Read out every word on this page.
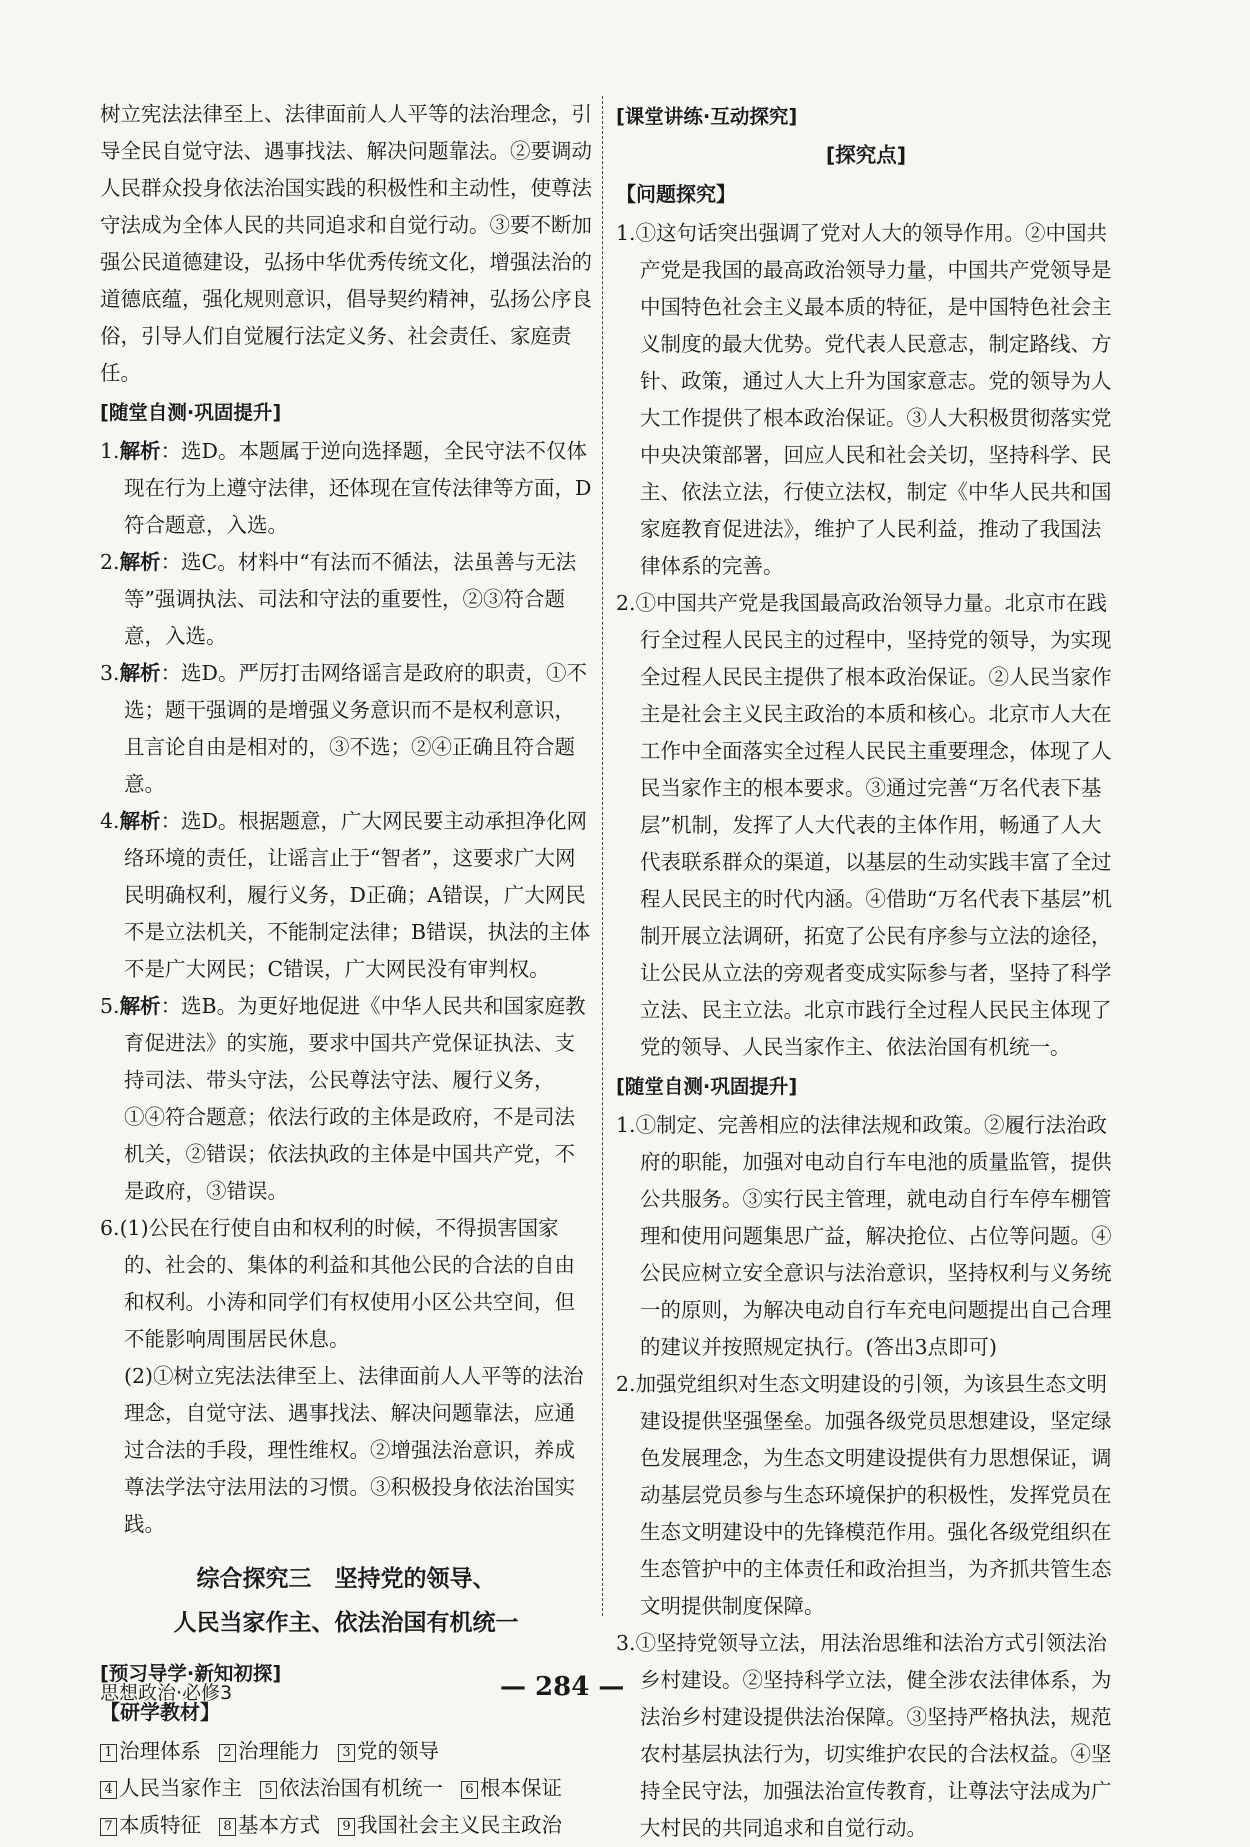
树立宪法法律至上、法律面前人人平等的法治理念，引导全民自觉守法、遇事找法、解决问题靠法。②要调动人民群众投身依法治国实践的积极性和主动性，使尊法守法成为全体人民的共同追求和自觉行动。③要不断加强公民道德建设，弘扬中华优秀传统文化，增强法治的道德底蕴，强化规则意识，倡导契约精神，弘扬公序良俗，引导人们自觉履行法定义务、社会责任、家庭责任。

[随堂自测·巩固提升]

1.解析：选D。本题属于逆向选择题，全民守法不仅体现在行为上遵守法律，还体现在宣传法律等方面，D符合题意，入选。

2.解析：选C。材料中“有法而不循法，法虽善与无法等”强调执法、司法和守法的重要性，②③符合题意，入选。

3.解析：选D。严厉打击网络谣言是政府的职责，①不选；题干强调的是增强义务意识而不是权利意识，且言论自由是相对的，③不选；②④正确且符合题意。

4.解析：选D。根据题意，广大网民要主动承担净化网络环境的责任，让谣言止于“智者”，这要求广大网民明确权利，履行义务，D正确；A错误，广大网民不是立法机关，不能制定法律；B错误，执法的主体不是广大网民；C错误，广大网民没有审判权。

5.解析：选B。为更好地促进《中华人民共和国家庭教育促进法》的实施，要求中国共产党保证执法、支持司法、带头守法，公民尊法守法、履行义务，①④符合题意；依法行政的主体是政府，不是司法机关，②错误；依法执政的主体是中国共产党，不是政府，③错误。

6.(1)公民在行使自由和权利的时候，不得损害国家的、社会的、集体的利益和其他公民的合法的自由和权利。小涛和同学们有权使用小区公共空间，但不能影响周围居民休息。

(2)①树立宪法法律至上、法律面前人人平等的法治理念，自觉守法、遇事找法、解决问题靠法，应通过合法的手段，理性维权。②增强法治意识，养成尊法学法守法用法的习惯。③积极投身依法治国实践。

综合探究三　坚持党的领导、
人民当家作主、依法治国有机统一
[预习导学·新知初探]
【研学教材】
1 治理体系	2 治理能力	3 党的领导
4 人民当家作主	5 依法治国有机统一	6 根本保证
7 本质特征	8 基本方式	9 我国社会主义民主政治
[课堂讲练·互动探究]
[探究点]
【问题探究】

1.①这句话突出强调了党对人大的领导作用。②中国共产党是我国的最高政治领导力量，中国共产党领导是中国特色社会主义最本质的特征，是中国特色社会主义制度的最大优势。党代表人民意志，制定路线、方针、政策，通过人大上升为国家意志。党的领导为人大工作提供了根本政治保证。③人大积极贯彻落实党中央决策部署，回应人民和社会关切，坚持科学、民主、依法立法，行使立法权，制定《中华人民共和国家庭教育促进法》，维护了人民利益，推动了我国法律体系的完善。

2.①中国共产党是我国最高政治领导力量。北京市在践行全过程人民民主的过程中，坚持党的领导，为实现全过程人民民主提供了根本政治保证。②人民当家作主是社会主义民主政治的本质和核心。北京市人大在工作中全面落实全过程人民民主重要理念，体现了人民当家作主的根本要求。③通过完善“万名代表下基层”机制，发挥了人大代表的主体作用，畅通了人大代表联系群众的渠道，以基层的生动实践丰富了全过程人民民主的时代内涵。④借助“万名代表下基层”机制开展立法调研，拓宽了公民有序参与立法的途径，让公民从立法的旁观者变成实际参与者，坚持了科学立法、民主立法。北京市践行全过程人民民主体现了党的领导、人民当家作主、依法治国有机统一。

[随堂自测·巩固提升]

1.①制定、完善相应的法律法规和政策。②履行法治政府的职能，加强对电动自行车电池的质量监管，提供公共服务。③实行民主管理，就电动自行车停车棚管理和使用问题集思广益，解决抢位、占位等问题。④公民应树立安全意识与法治意识，坚持权利与义务统一的原则，为解决电动自行车充电问题提出自己合理的建议并按照规定执行。(答出3点即可)

2.加强党组织对生态文明建设的引领，为该县生态文明建设提供坚强堡垒。加强各级党员思想建设，坚定绿色发展理念，为生态文明建设提供有力思想保证，调动基层党员参与生态环境保护的积极性，发挥党员在生态文明建设中的先锋模范作用。强化各级党组织在生态管护中的主体责任和政治担当，为齐抓共管生态文明提供制度保障。

3.①坚持党领导立法，用法治思维和法治方式引领法治乡村建设。②坚持科学立法，健全涉农法律体系，为法治乡村建设提供法治保障。③坚持严格执法，规范农村基层执法行为，切实维护农民的合法权益。④坚持全民守法，加强法治宣传教育，让尊法守法成为广大村民的共同追求和自觉行动。

思想政治·必修3	— 284 —
